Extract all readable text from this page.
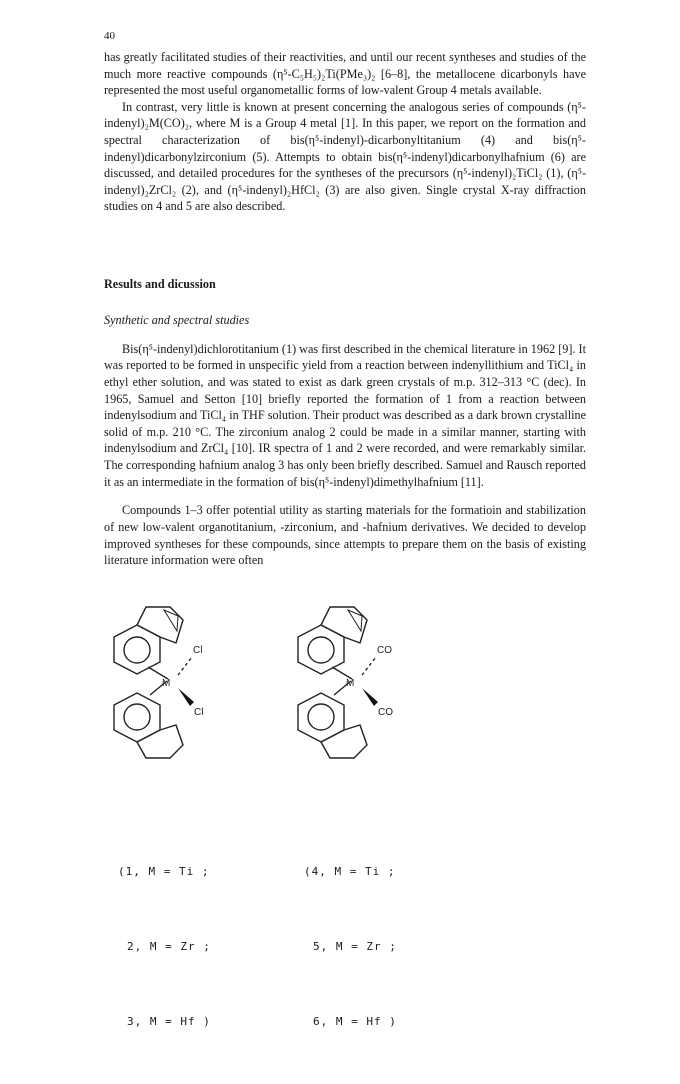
40

has greatly facilitated studies of their reactivities, and until our recent syntheses and studies of the much more reactive compounds (η⁵-C₅H₅)₂Ti(PMe₃)₂ [6–8], the metallocene dicarbonyls have represented the most useful organometallic forms of low-valent Group 4 metals available.

In contrast, very little is known at present concerning the analogous series of compounds (η⁵-indenyl)₂M(CO)₂, where M is a Group 4 metal [1]. In this paper, we report on the formation and spectral characterization of bis(η⁵-indenyl)-dicarbonyltitanium (4) and bis(η⁵-indenyl)dicarbonylzirconium (5). Attempts to obtain bis(η⁵-indenyl)dicarbonylhafnium (6) are discussed, and detailed procedures for the syntheses of the precursors (η⁵-indenyl)₂TiCl₂ (1), (η⁵-indenyl)₂ZrCl₂ (2), and (η⁵-indenyl)₂HfCl₂ (3) are also given. Single crystal X-ray diffraction studies on 4 and 5 are also described.

Results and dicussion

Synthetic and spectral studies

Bis(η⁵-indenyl)dichlorotitanium (1) was first described in the chemical literature in 1962 [9]. It was reported to be formed in unspecific yield from a reaction between indenyllithium and TiCl₄ in ethyl ether solution, and was stated to exist as dark green crystals of m.p. 312–313 °C (dec). In 1965, Samuel and Setton [10] briefly reported the formation of 1 from a reaction between indenylsodium and TiCl₄ in THF solution. Their product was described as a dark brown crystalline solid of m.p. 210 °C. The zirconium analog 2 could be made in a similar manner, starting with indenylsodium and ZrCl₄ [10]. IR spectra of 1 and 2 were recorded, and were remarkably similar. The corresponding hafnium analog 3 has only been briefly described. Samuel and Rausch reported it as an intermediate in the formation of bis(η⁵-indenyl)dimethylhafnium [11].

Compounds 1–3 offer potential utility as starting materials for the formatioin and stabilization of new low-valent organotitanium, -zirconium, and -hafnium derivatives. We decided to develop improved syntheses for these compounds, since attempts to prepare them on the basis of existing literature information were often

M
Cl
Cl
M
CO
CO

(1, M = Ti ;

2, M = Zr ;

3, M = Hf )

(4, M = Ti ;

5, M = Zr ;

6, M = Hf )
